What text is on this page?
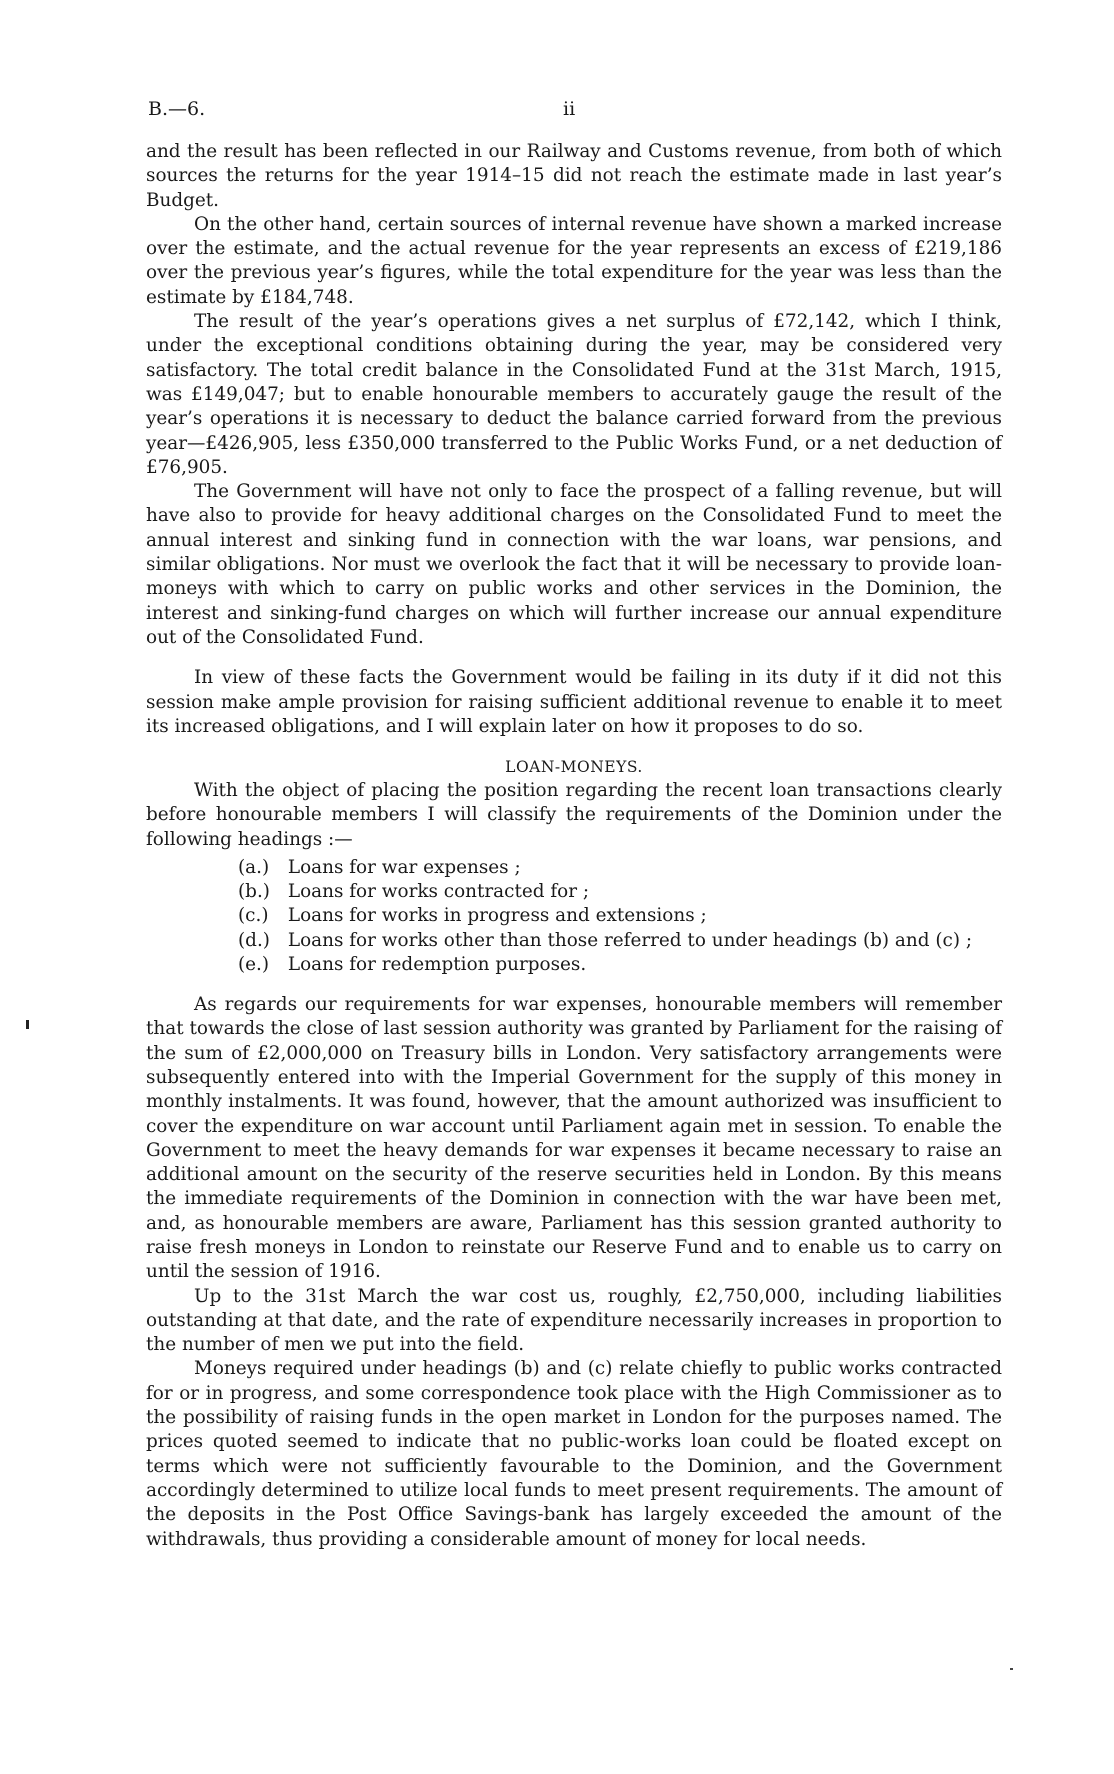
B.—6.	ii

and the result has been reflected in our Railway and Customs revenue, from both of which sources the returns for the year 1914–15 did not reach the estimate made in last year’s Budget.

On the other hand, certain sources of internal revenue have shown a marked increase over the estimate, and the actual revenue for the year represents an excess of £219,186 over the previous year’s figures, while the total expenditure for the year was less than the estimate by £184,748.

The result of the year’s operations gives a net surplus of £72,142, which I think, under the exceptional conditions obtaining during the year, may be considered very satisfactory. The total credit balance in the Consolidated Fund at the 31st March, 1915, was £149,047; but to enable honourable members to accurately gauge the result of the year’s operations it is necessary to deduct the balance carried forward from the previous year—£426,905, less £350,000 transferred to the Public Works Fund, or a net deduction of £76,905.

The Government will have not only to face the prospect of a falling revenue, but will have also to provide for heavy additional charges on the Consolidated Fund to meet the annual interest and sinking fund in connection with the war loans, war pensions, and similar obligations. Nor must we overlook the fact that it will be necessary to provide loan-moneys with which to carry on public works and other services in the Dominion, the interest and sinking-fund charges on which will further increase our annual expenditure out of the Consolidated Fund.

In view of these facts the Government would be failing in its duty if it did not this session make ample provision for raising sufficient additional revenue to enable it to meet its increased obligations, and I will explain later on how it proposes to do so.

LOAN-MONEYS.

With the object of placing the position regarding the recent loan transactions clearly before honourable members I will classify the requirements of the Dominion under the following headings :—

(a.) Loans for war expenses ;
(b.) Loans for works contracted for ;
(c.) Loans for works in progress and extensions ;
(d.) Loans for works other than those referred to under headings (b) and (c) ;
(e.) Loans for redemption purposes.

As regards our requirements for war expenses, honourable members will remember that towards the close of last session authority was granted by Parliament for the raising of the sum of £2,000,000 on Treasury bills in London. Very satisfactory arrangements were subsequently entered into with the Imperial Government for the supply of this money in monthly instalments. It was found, however, that the amount authorized was insufficient to cover the expenditure on war account until Parliament again met in session. To enable the Government to meet the heavy demands for war expenses it became necessary to raise an additional amount on the security of the reserve securities held in London. By this means the immediate requirements of the Dominion in connection with the war have been met, and, as honourable members are aware, Parliament has this session granted authority to raise fresh moneys in London to reinstate our Reserve Fund and to enable us to carry on until the session of 1916.

Up to the 31st March the war cost us, roughly, £2,750,000, including liabilities outstanding at that date, and the rate of expenditure necessarily increases in proportion to the number of men we put into the field.

Moneys required under headings (b) and (c) relate chiefly to public works contracted for or in progress, and some correspondence took place with the High Commissioner as to the possibility of raising funds in the open market in London for the purposes named. The prices quoted seemed to indicate that no public-works loan could be floated except on terms which were not sufficiently favourable to the Dominion, and the Government accordingly determined to utilize local funds to meet present requirements. The amount of the deposits in the Post Office Savings-bank has largely exceeded the amount of the withdrawals, thus providing a considerable amount of money for local needs.
